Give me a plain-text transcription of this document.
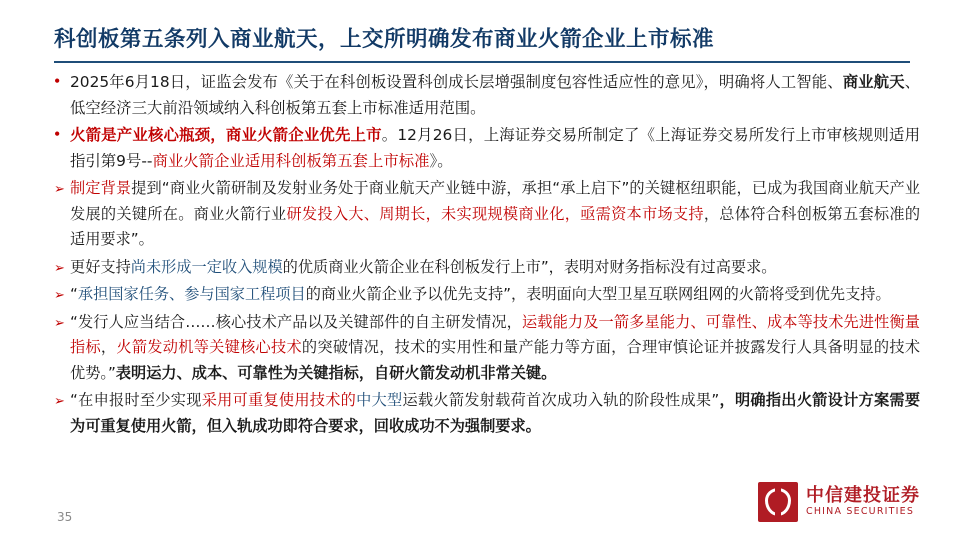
科创板第五条列入商业航天，上交所明确发布商业火箭企业上市标准
• 2025年6月18日，证监会发布《关于在科创板设置科创成长层增强制度包容性适应性的意见》，明确将人工智能、商业航天、低空经济三大前沿领域纳入科创板第五套上市标准适用范围。
• 火箭是产业核心瓶颈，商业火箭企业优先上市。12月26日，上海证券交易所制定了《上海证券交易所发行上市审核规则适用指引第9号--商业火箭企业适用科创板第五套上市标准》。
➢ 制定背景提到“商业火箭研制及发射业务处于商业航天产业链中游，承担“承上启下”的关键枢纽职能，已成为我国商业航天产业发展的关键所在。商业火箭行业研发投入大、周期长，未实现规模商业化，亟需资本市场支持，总体符合科创板第五套标准的适用要求”。
➢ 更好支持尚未形成一定收入规模的优质商业火箭企业在科创板发行上市”，表明对财务指标没有过高要求。
➢ “承担国家任务、参与国家工程项目的商业火箭企业予以优先支持”，表明面向大型卫星互联网组网的火箭将受到优先支持。
➢ “发行人应当结合……核心技术产品以及关键部件的自主研发情况，运载能力及一箭多星能力、可靠性、成本等技术先进性衡量指标，火箭发动机等关键核心技术的突破情况，技术的实用性和量产能力等方面，合理审慎论证并披露发行人具备明显的技术优势。”表明运力、成本、可靠性为关键指标，自研火箭发动机非常关键。
➢ “在申报时至少实现采用可重复使用技术的中大型运载火箭发射载荷首次成功入轨的阶段性成果”，明确指出火箭设计方案需要为可重复使用火箭，但入轨成功即符合要求，回收成功不为强制要求。
35
中信建投证券
CHINA SECURITIES
